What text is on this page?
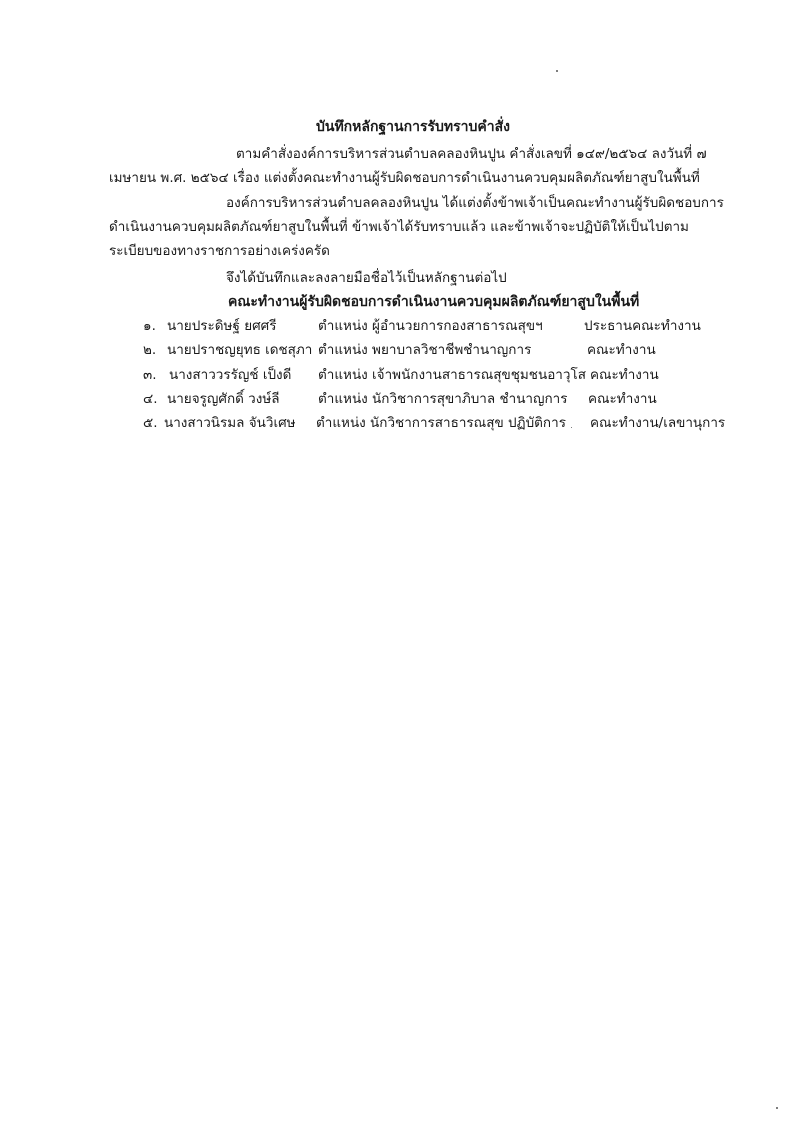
บันทึกหลักฐานการรับทราบคำสั่ง
ตามคำสั่งองค์การบริหารส่วนตำบลคลองหินปูน คำสั่งเลขที่ ๑๔๙/๒๕๖๔ ลงวันที่ ๗
เมษายน พ.ศ. ๒๕๖๔ เรื่อง แต่งตั้งคณะทำงานผู้รับผิดชอบการดำเนินงานควบคุมผลิตภัณฑ์ยาสูบในพื้นที่
องค์การบริหารส่วนตำบลคลองหินปูน ได้แต่งตั้งข้าพเจ้าเป็นคณะทำงานผู้รับผิดชอบการ
ดำเนินงานควบคุมผลิตภัณฑ์ยาสูบในพื้นที่ ข้าพเจ้าได้รับทราบแล้ว และข้าพเจ้าจะปฏิบัติให้เป็นไปตาม
ระเบียบของทางราชการอย่างเคร่งครัด
จึงได้บันทึกและลงลายมือชื่อไว้เป็นหลักฐานต่อไป
คณะทำงานผู้รับผิดชอบการดำเนินงานควบคุมผลิตภัณฑ์ยาสูบในพื้นที่
๑. นายประดิษฐ์ ยศศรี	ตำแหน่ง ผู้อำนวยการกองสาธารณสุขฯ	ประธานคณะทำงาน
๒. นายปราชญยุทธ เดชสุภา ตำแหน่ง พยาบาลวิชาชีพชำนาญการ	คณะทำงาน
๓. นางสาววรรัญช์ เป็งดี ตำแหน่ง เจ้าพนักงานสาธารณสุขชุมชนอาวุโส คณะทำงาน
๔. นายจรูญศักดิ์ วงษ์ลี	ตำแหน่ง นักวิชาการสุขาภิบาล ชำนาญการ คณะทำงาน
๕. นางสาวนิรมล จันวิเศษ ตำแหน่ง นักวิชาการสาธารณสุข ปฏิบัติการ คณะทำงาน/เลขานุการ
